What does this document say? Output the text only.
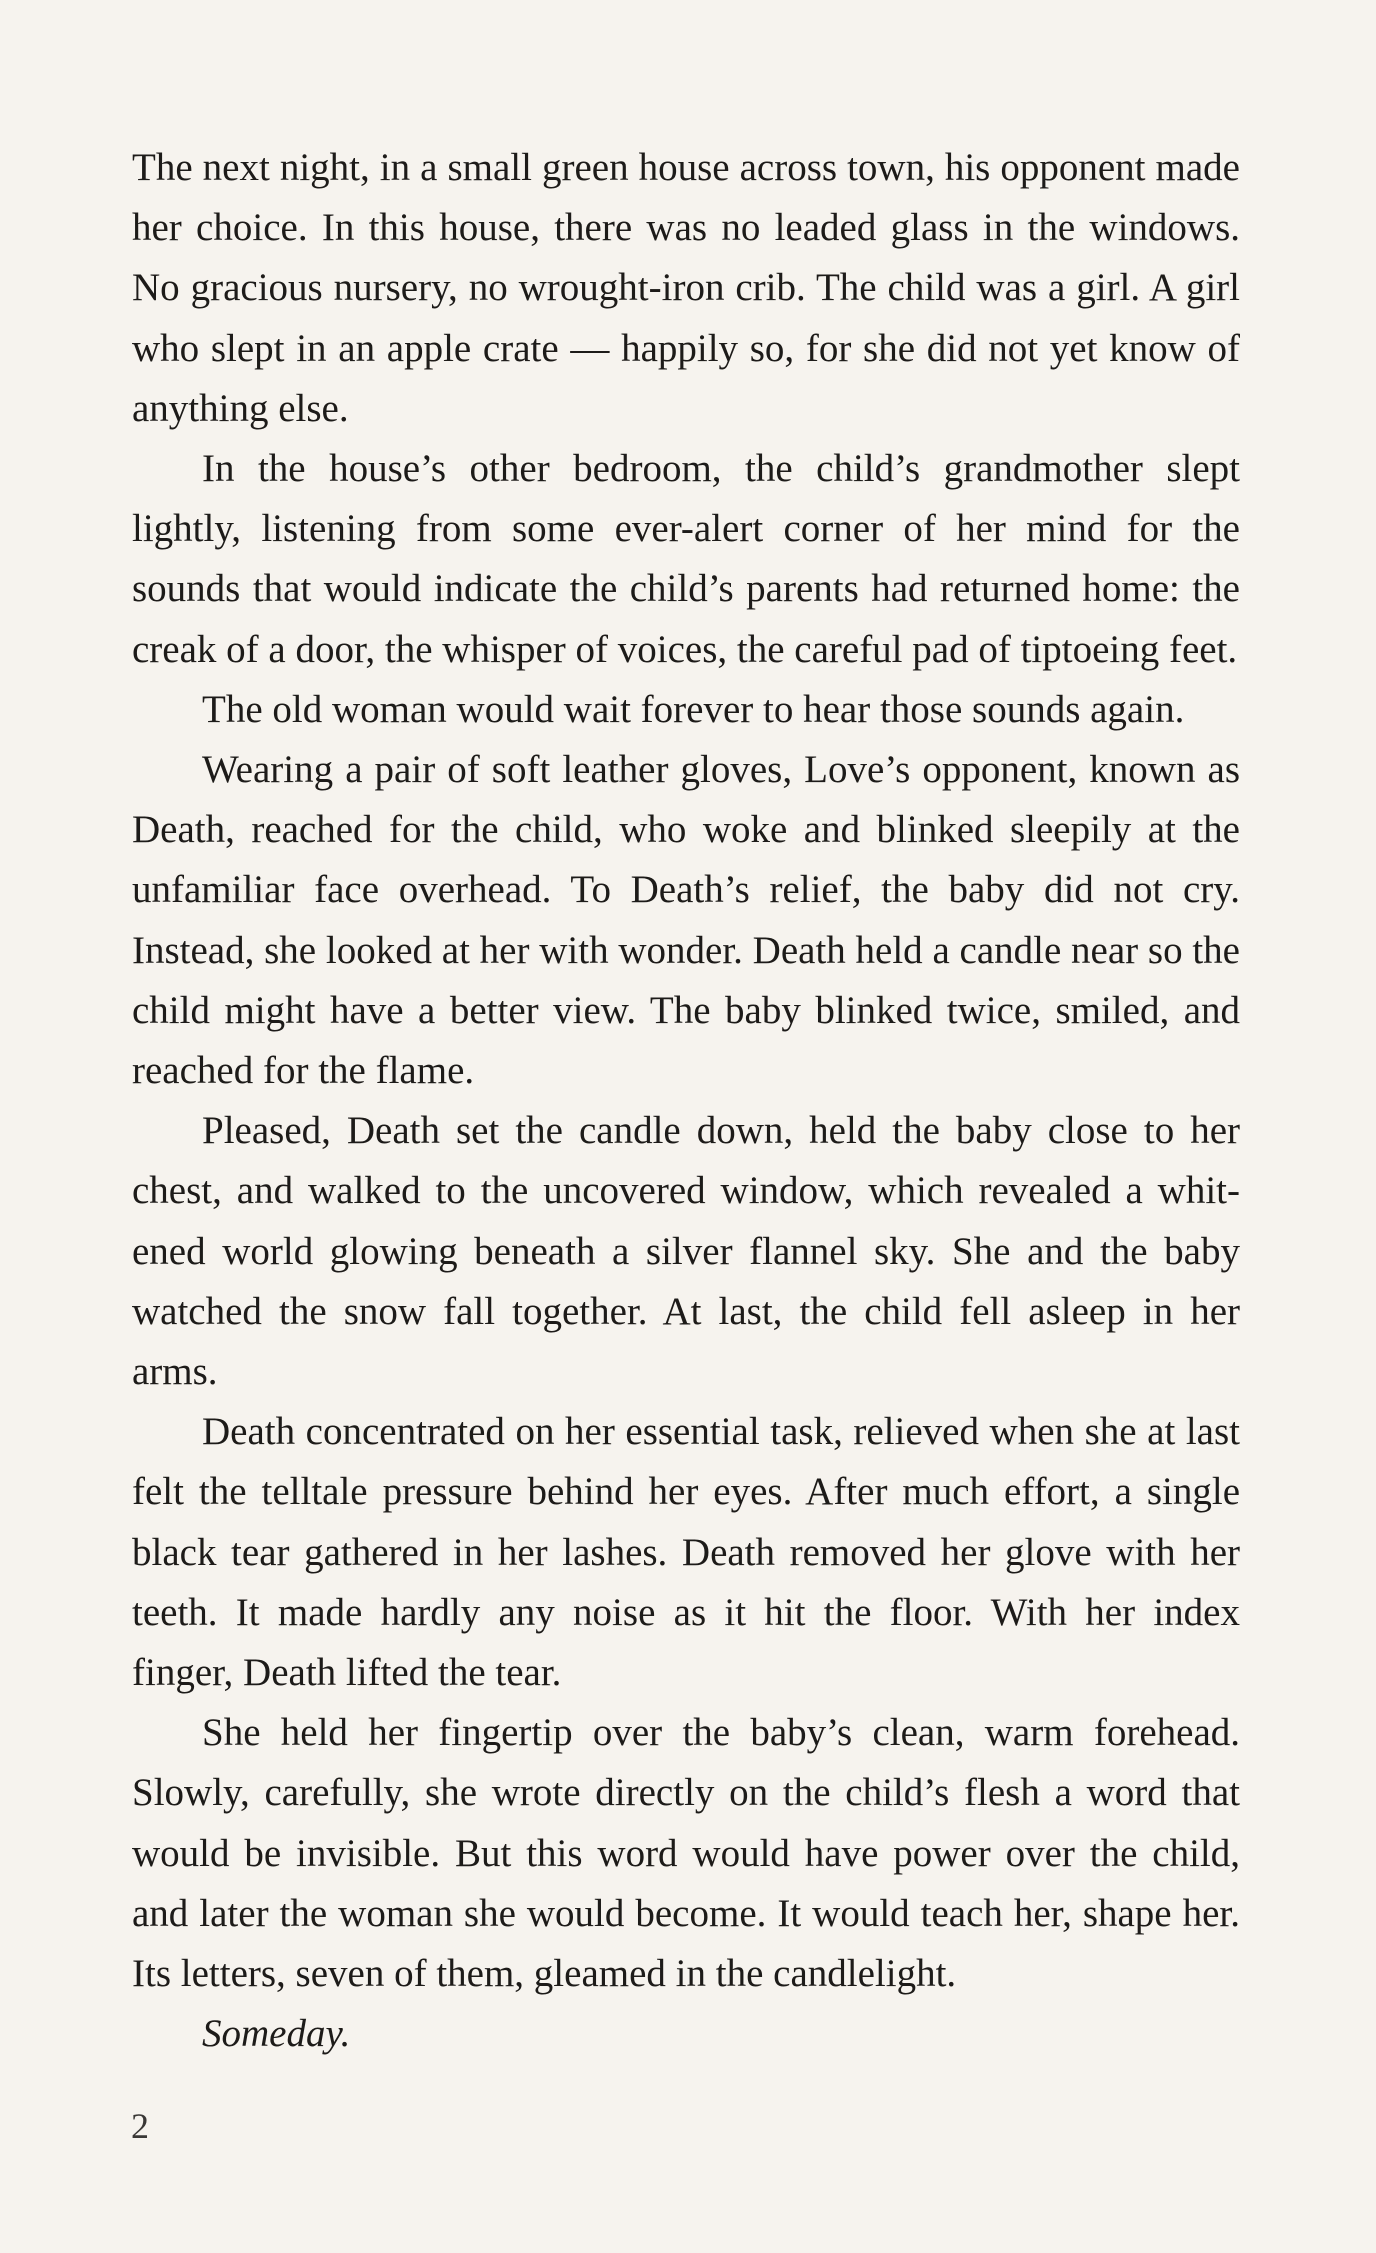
The next night, in a small green house across town, his opponent made her choice. In this house, there was no leaded glass in the windows. No gracious nursery, no wrought-iron crib. The child was a girl. A girl who slept in an apple crate — happily so, for she did not yet know of anything else.

In the house’s other bedroom, the child’s grandmother slept lightly, listening from some ever-alert corner of her mind for the sounds that would indicate the child’s parents had returned home: the creak of a door, the whisper of voices, the careful pad of tiptoeing feet.

The old woman would wait forever to hear those sounds again.

Wearing a pair of soft leather gloves, Love’s opponent, known as Death, reached for the child, who woke and blinked sleepily at the unfamiliar face overhead. To Death’s relief, the baby did not cry. Instead, she looked at her with wonder. Death held a candle near so the child might have a better view. The baby blinked twice, smiled, and reached for the flame.

Pleased, Death set the candle down, held the baby close to her chest, and walked to the uncovered window, which revealed a whitened world glowing beneath a silver flannel sky. She and the baby watched the snow fall together. At last, the child fell asleep in her arms.

Death concentrated on her essential task, relieved when she at last felt the telltale pressure behind her eyes. After much effort, a single black tear gathered in her lashes. Death removed her glove with her teeth. It made hardly any noise as it hit the floor. With her index finger, Death lifted the tear.

She held her fingertip over the baby’s clean, warm forehead. Slowly, carefully, she wrote directly on the child’s flesh a word that would be invisible. But this word would have power over the child, and later the woman she would become. It would teach her, shape her. Its letters, seven of them, gleamed in the candlelight.

Someday.

2
